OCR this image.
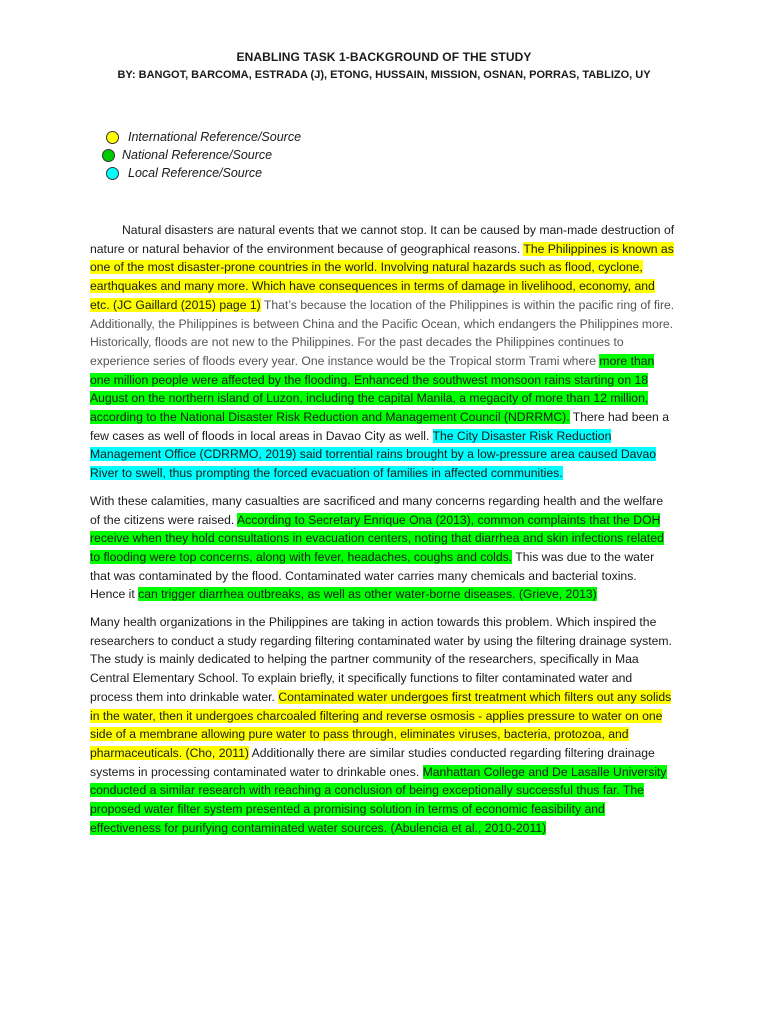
ENABLING TASK 1-BACKGROUND OF THE STUDY
BY: BANGOT, BARCOMA, ESTRADA (J), ETONG, HUSSAIN, MISSION, OSNAN, PORRAS, TABLIZO, UY
International Reference/Source
National Reference/Source
Local Reference/Source

Natural disasters are natural events that we cannot stop. It can be caused by man-made destruction of nature or natural behavior of the environment because of geographical reasons. The Philippines is known as one of the most disaster-prone countries in the world. Involving natural hazards such as flood, cyclone, earthquakes and many more. Which have consequences in terms of damage in livelihood, economy, and etc. (JC Gaillard (2015) page 1) That’s because the location of the Philippines is within the pacific ring of fire. Additionally, the Philippines is between China and the Pacific Ocean, which endangers the Philippines more. Historically, floods are not new to the Philippines. For the past decades the Philippines continues to experience series of floods every year. One instance would be the Tropical storm Trami where more than one million people were affected by the flooding. Enhanced the southwest monsoon rains starting on 18 August on the northern island of Luzon, including the capital Manila, a megacity of more than 12 million, according to the National Disaster Risk Reduction and Management Council (NDRRMC). There had been a few cases as well of floods in local areas in Davao City as well. The City Disaster Risk Reduction Management Office (CDRRMO, 2019) said torrential rains brought by a low-pressure area caused Davao River to swell, thus prompting the forced evacuation of families in affected communities.

With these calamities, many casualties are sacrificed and many concerns regarding health and the welfare of the citizens were raised. According to Secretary Enrique Ona (2013), common complaints that the DOH receive when they hold consultations in evacuation centers, noting that diarrhea and skin infections related to flooding were top concerns, along with fever, headaches, coughs and colds. This was due to the water that was contaminated by the flood. Contaminated water carries many chemicals and bacterial toxins. Hence it can trigger diarrhea outbreaks, as well as other water-borne diseases. (Grieve, 2013)

Many health organizations in the Philippines are taking in action towards this problem. Which inspired the researchers to conduct a study regarding filtering contaminated water by using the filtering drainage system. The study is mainly dedicated to helping the partner community of the researchers, specifically in Maa Central Elementary School. To explain briefly, it specifically functions to filter contaminated water and process them into drinkable water. Contaminated water undergoes first treatment which filters out any solids in the water, then it undergoes charcoaled filtering and reverse osmosis - applies pressure to water on one side of a membrane allowing pure water to pass through, eliminates viruses, bacteria, protozoa, and pharmaceuticals. (Cho, 2011) Additionally there are similar studies conducted regarding filtering drainage systems in processing contaminated water to drinkable ones. Manhattan College and De Lasalle University conducted a similar research with reaching a conclusion of being exceptionally successful thus far. The proposed water filter system presented a promising solution in terms of economic feasibility and effectiveness for purifying contaminated water sources. (Abulencia et al., 2010-2011)
